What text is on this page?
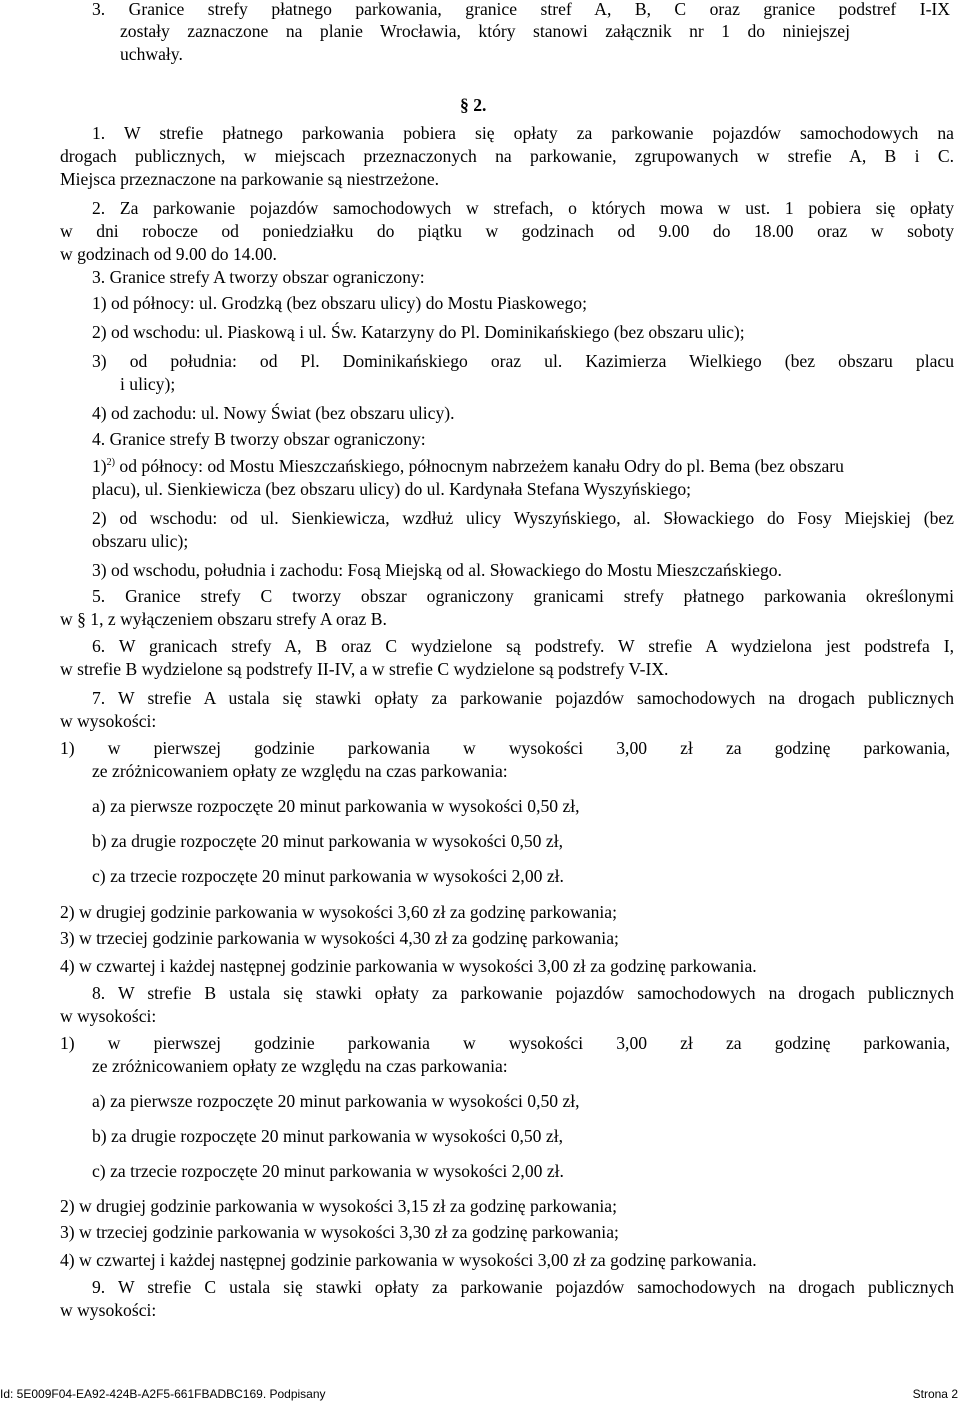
3. Granice strefy płatnego parkowania, granice stref A, B, C oraz granice podstref I-IX
zostały zaznaczone na planie Wrocławia, który stanowi załącznik nr 1 do niniejszej
uchwały.
§ 2.
1. W strefie płatnego parkowania pobiera się opłaty za parkowanie pojazdów samochodowych na
drogach publicznych, w miejscach przeznaczonych na parkowanie, zgrupowanych w strefie A, B i C.
Miejsca przeznaczone na parkowanie są niestrzeżone.
2. Za parkowanie pojazdów samochodowych w strefach, o których mowa w ust. 1 pobiera się opłaty
w dni robocze od poniedziałku do piątku w godzinach od 9.00 do 18.00 oraz w soboty
w godzinach od 9.00 do 14.00.
3. Granice strefy A tworzy obszar ograniczony:
1) od północy: ul. Grodzką (bez obszaru ulicy) do Mostu Piaskowego;
2) od wschodu: ul. Piaskową i ul. Św. Katarzyny do Pl. Dominikańskiego (bez obszaru ulic);
3) od południa: od Pl. Dominikańskiego oraz ul. Kazimierza Wielkiego (bez obszaru placu
i ulicy);
4) od zachodu: ul. Nowy Świat (bez obszaru ulicy).
4. Granice strefy B tworzy obszar ograniczony:
1)$^{2)}$ od północy: od Mostu Mieszczańskiego, północnym nabrzeżem kanału Odry do pl. Bema (bez obszaru
placu), ul. Sienkiewicza (bez obszaru ulicy) do ul. Kardynała Stefana Wyszyńskiego;
2) od wschodu: od ul. Sienkiewicza, wzdłuż ulicy Wyszyńskiego, al. Słowackiego do Fosy Miejskiej (bez
obszaru ulic);
3) od wschodu, południa i zachodu: Fosą Miejską od al. Słowackiego do Mostu Mieszczańskiego.
5. Granice strefy C tworzy obszar ograniczony granicami strefy płatnego parkowania określonymi
w § 1, z wyłączeniem obszaru strefy A oraz B.
6. W granicach strefy A, B oraz C wydzielone są podstrefy. W strefie A wydzielona jest podstrefa I,
w strefie B wydzielone są podstrefy II-IV, a w strefie C wydzielone są podstrefy V-IX.
7. W strefie A ustala się stawki opłaty za parkowanie pojazdów samochodowych na drogach publicznych
w wysokości:
1) w pierwszej godzinie parkowania w wysokości 3,00 zł za godzinę parkowania,
ze zróżnicowaniem opłaty ze względu na czas parkowania:
a) za pierwsze rozpoczęte 20 minut parkowania w wysokości 0,50 zł,
b) za drugie rozpoczęte 20 minut parkowania w wysokości 0,50 zł,
c) za trzecie rozpoczęte 20 minut parkowania w wysokości 2,00 zł.
2) w drugiej godzinie parkowania w wysokości 3,60 zł za godzinę parkowania;
3) w trzeciej godzinie parkowania w wysokości 4,30 zł za godzinę parkowania;
4) w czwartej i każdej następnej godzinie parkowania w wysokości 3,00 zł za godzinę parkowania.
8. W strefie B ustala się stawki opłaty za parkowanie pojazdów samochodowych na drogach publicznych
w wysokości:
1) w pierwszej godzinie parkowania w wysokości 3,00 zł za godzinę parkowania,
ze zróżnicowaniem opłaty ze względu na czas parkowania:
a) za pierwsze rozpoczęte 20 minut parkowania w wysokości 0,50 zł,
b) za drugie rozpoczęte 20 minut parkowania w wysokości 0,50 zł,
c) za trzecie rozpoczęte 20 minut parkowania w wysokości 2,00 zł.
2) w drugiej godzinie parkowania w wysokości 3,15 zł za godzinę parkowania;
3) w trzeciej godzinie parkowania w wysokości 3,30 zł za godzinę parkowania;
4) w czwartej i każdej następnej godzinie parkowania w wysokości 3,00 zł za godzinę parkowania.
9. W strefie C ustala się stawki opłaty za parkowanie pojazdów samochodowych na drogach publicznych
w wysokości:
Id: 5E009F04-EA92-424B-A2F5-661FBADBC169. Podpisany	Strona 2
